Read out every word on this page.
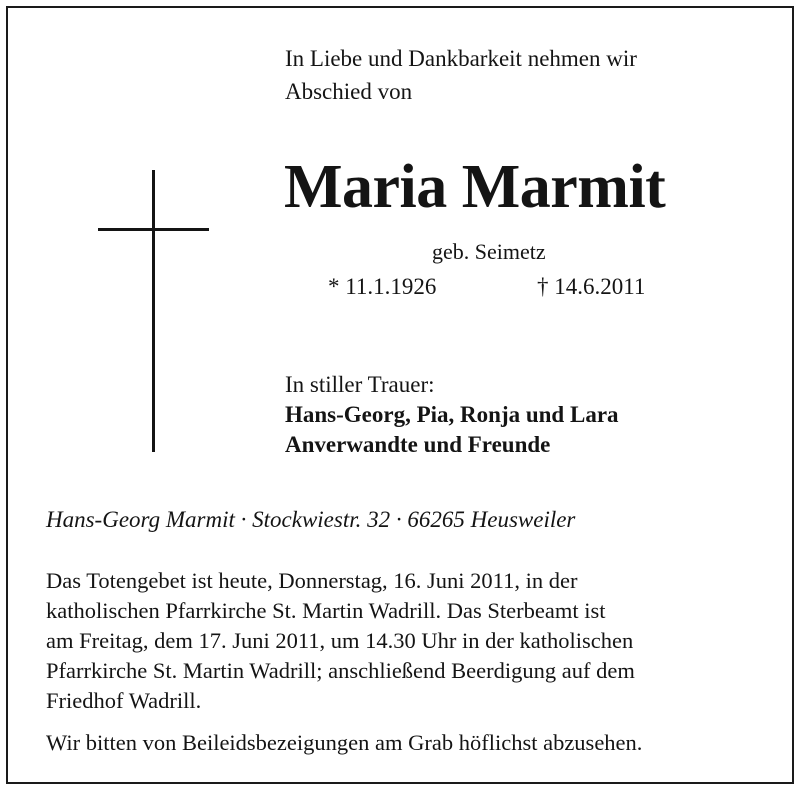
In Liebe und Dankbarkeit nehmen wir
Abschied von
Maria Marmit
geb. Seimetz
* 11.1.1926	† 14.6.2011
In stiller Trauer:
Hans-Georg, Pia, Ronja und Lara
Anverwandte und Freunde
Hans-Georg Marmit · Stockwiestr. 32 · 66265 Heusweiler
Das Totengebet ist heute, Donnerstag, 16. Juni 2011, in der
katholischen Pfarrkirche St. Martin Wadrill. Das Sterbeamt ist
am Freitag, dem 17. Juni 2011, um 14.30 Uhr in der katholischen
Pfarrkirche St. Martin Wadrill; anschließend Beerdigung auf dem
Friedhof Wadrill.
Wir bitten von Beileidsbezeigungen am Grab höflichst abzusehen.
